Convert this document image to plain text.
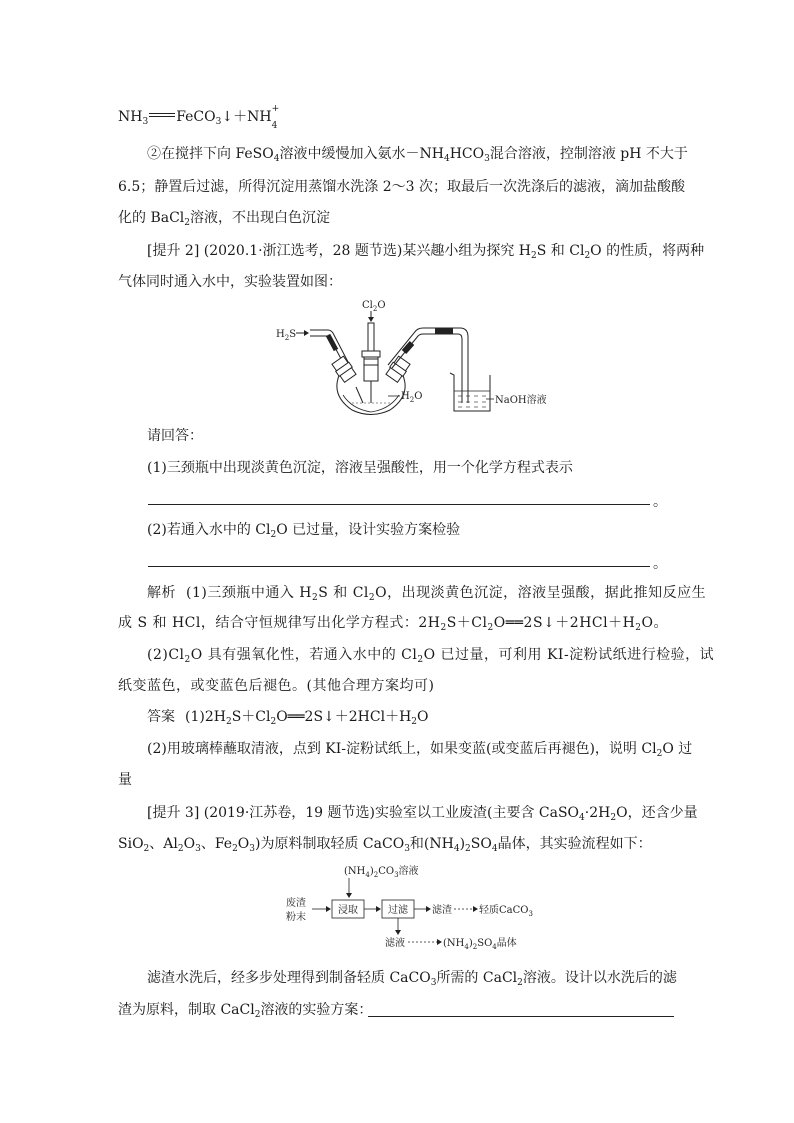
$NH_3$ FeCO$_3$↓＋NH +
4
②在搅拌下向 FeSO$_4$溶液中缓慢加入氨水$-NH_4HCO_3$混合溶液，控制溶液 pH 不大于
6.5；静置后过滤，所得沉淀用蒸馏水洗涤 2～3 次；取最后一次洗涤后的滤液，滴加盐酸酸
化的 BaCl$_2$溶液，不出现白色沉淀
[提升 2] (2020.1·浙江选考，28 题节选)某兴趣小组为探究 $H_2S$ 和 $Cl_2O$ 的性质，将两种
气体同时通入水中，实验装置如图：
$Cl_2O$
$H_2S$
$H_2O$	NaOH溶液
请回答：
(1)三颈瓶中出现淡黄色沉淀，溶液呈强酸性，用一个化学方程式表示
。
(2)若通入水中的 $Cl_2O$ 已过量，设计实验方案检验
。
解析 (1)三颈瓶中通入 $H_2S$ 和 $Cl_2O$，出现淡黄色沉淀，溶液呈强酸，据此推知反应生
成 S 和 HCl，结合守恒规律写出化学方程式：$2H_2S+Cl_2O══2S↓+2HCl+H_2O$。
$(2)Cl_2O$ 具有强氧化性，若通入水中的 $Cl_2O$ 已过量，可利用 KI-淀粉试纸进行检验，试
纸变蓝色，或变蓝色后褪色。(其他合理方案均可)
答案 $(1)2H_2S+Cl_2O══2S↓+2HCl+H_2O$
(2)用玻璃棒蘸取清液，点到 KI-淀粉试纸上，如果变蓝(或变蓝后再褪色)，说明 $Cl_2O$ 过
量
[提升 3] (2019·江苏卷，19 题节选)实验室以工业废渣(主要含 $CaSO_4\cdot 2H_2O$，还含少量
SiO$_2$、$Al_2O_3$、$Fe_2O_3$)为原料制取轻质 CaCO$_3$和$(NH_4)_2SO_4$晶体，其实验流程如下：
$(NH_4)_2CO_3$溶液
废渣
粉末
浸取	过滤 滤渣	轻质CaCO$_3$
滤液	$(NH_4)_2SO_4$晶体
滤渣水洗后，经多步处理得到制备轻质 CaCO$_3$所需的 CaCl$_2$溶液。设计以水洗后的滤
渣为原料，制取 CaCl$_2$溶液的实验方案：
